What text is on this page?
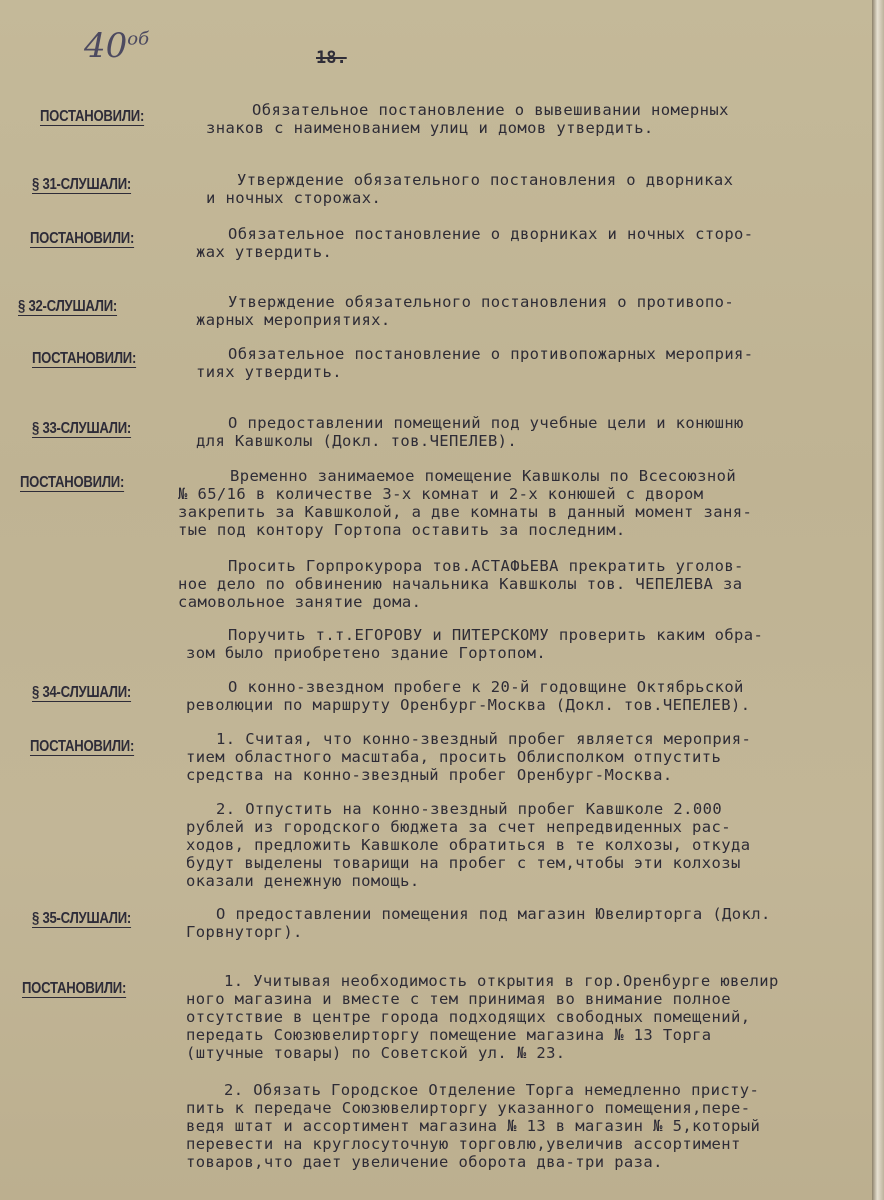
$40^{об}$
18.
ПОСТАНОВИЛИ:	Обязательное постановление о вывешивании номерных
знаков с наименованием улиц и домов утвердить.
§ 31-СЛУШАЛИ:	Утверждение обязательного постановления о дворниках
и ночных сторожах.
ПОСТАНОВИЛИ:	Обязательное постановление о дворниках и ночных сторо-
жах утвердить.
§ 32-СЛУШАЛИ:	Утверждение обязательного постановления о противопо-
жарных мероприятиях.
ПОСТАНОВИЛИ:	Обязательное постановление о противопожарных мероприя-
тиях утвердить.
§ 33-СЛУШАЛИ:	О предоставлении помещений под учебные цели и конюшню
для Кавшколы (Докл. тов.ЧЕПЕЛЕВ).
ПОСТАНОВИЛИ:	Временно занимаемое помещение Кавшколы по Всесоюзной
№ 65/16 в количестве 3-х комнат и 2-х конюшей с двором
закрепить за Кавшколой, а две комнаты в данный момент заня-
тые под контору Гортопа оставить за последним.
Просить Горпрокурора тов.АСТАФЬЕВА прекратить уголов-
ное дело по обвинению начальника Кавшколы тов. ЧЕПЕЛЕВА за
самовольное занятие дома.
Поручить т.т.ЕГОРОВУ и ПИТЕРСКОМУ проверить каким обра-
зом было приобретено здание Гортопом.
§ 34-СЛУШАЛИ:	О конно-звездном пробеге к 20-й годовщине Октябрьской
революции по маршруту Оренбург-Москва (Докл. тов.ЧЕПЕЛЕВ).
ПОСТАНОВИЛИ:	1. Считая, что конно-звездный пробег является мероприя-
тием областного масштаба, просить Облисполком отпустить
средства на конно-звездный пробег Оренбург-Москва.
2. Отпустить на конно-звездный пробег Кавшколе 2.000
рублей из городского бюджета за счет непредвиденных рас-
ходов, предложить Кавшколе обратиться в те колхозы, откуда
будут выделены товарищи на пробег с тем,чтобы эти колхозы
оказали денежную помощь.
§ 35-СЛУШАЛИ:	О предоставлении помещения под магазин Ювелирторга (Докл.
Горвнуторг).
ПОСТАНОВИЛИ:	1. Учитывая необходимость открытия в гор.Оренбурге ювелир
ного магазина и вместе с тем принимая во внимание полное
отсутствие в центре города подходящих свободных помещений,
передать Союзювелирторгу помещение магазина № 13 Торга
(штучные товары) по Советской ул. № 23.
2. Обязать Городское Отделение Торга немедленно присту-
пить к передаче Союзювелирторгу указанного помещения,пере-
ведя штат и ассортимент магазина № 13 в магазин № 5,который
перевести на круглосуточную торговлю,увеличив ассортимент
товаров,что дает увеличение оборота два-три раза.
